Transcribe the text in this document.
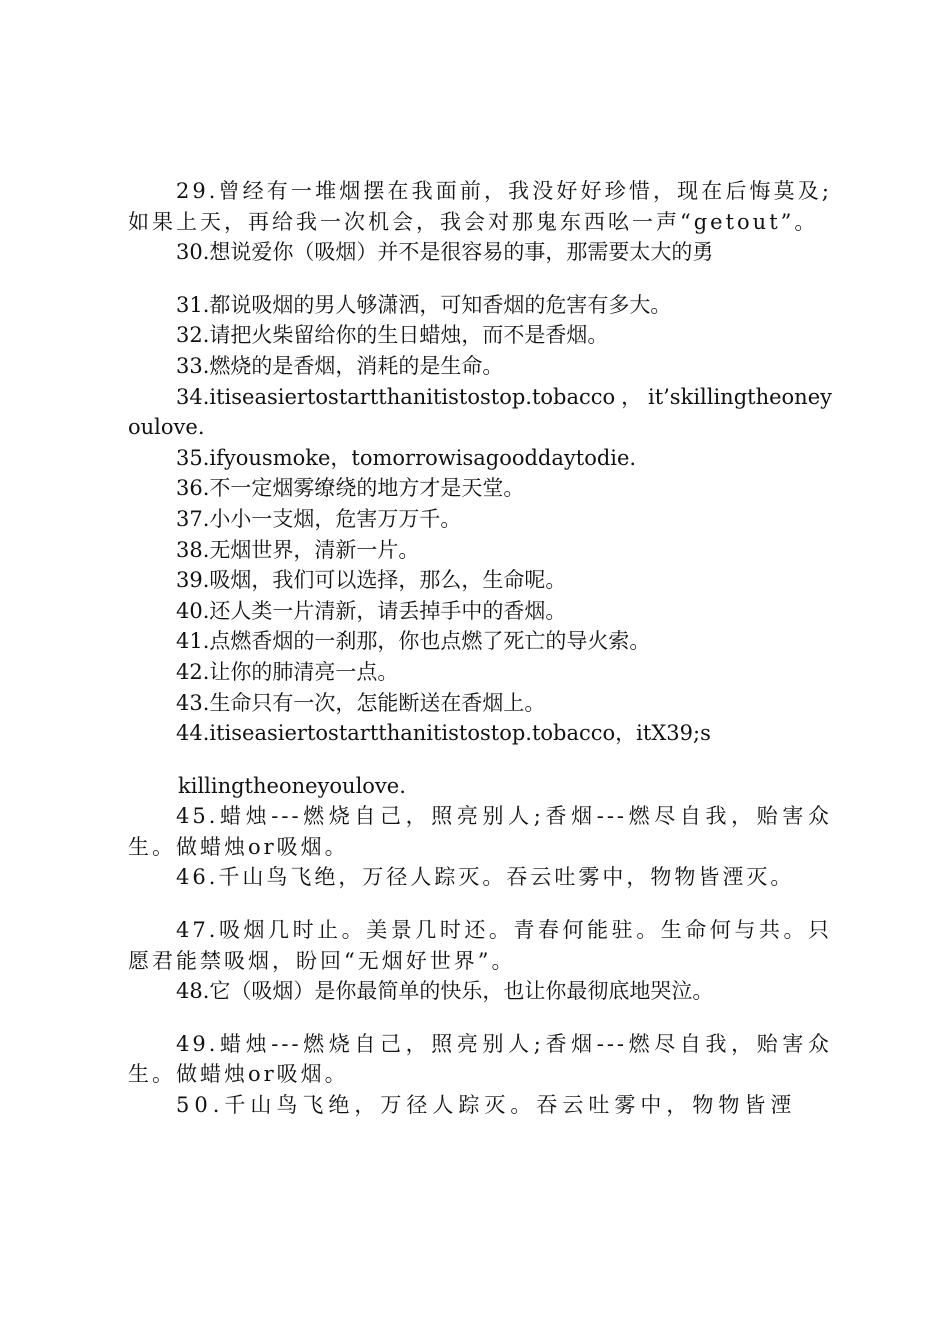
29.曾经有一堆烟摆在我面前，我没好好珍惜，现在后悔莫及;如果上天，再给我一次机会，我会对那鬼东西吆一声“getout”。

30.想说爱你（吸烟）并不是很容易的事，那需要太大的勇

31.都说吸烟的男人够潇洒，可知香烟的危害有多大。

32.请把火柴留给你的生日蜡烛，而不是香烟。

33.燃烧的是香烟，消耗的是生命。

34.itiseasiertostartthanitistostop.tobacco，it’skillingtheoneyoulove.

35.ifyousmoke，tomorrowisagooddaytodie.

36.不一定烟雾缭绕的地方才是天堂。

37.小小一支烟，危害万万千。

38.无烟世界，清新一片。

39.吸烟，我们可以选择，那么，生命呢。

40.还人类一片清新，请丢掉手中的香烟。

41.点燃香烟的一刹那，你也点燃了死亡的导火索。

42.让你的肺清亮一点。

43.生命只有一次，怎能断送在香烟上。

44.itiseasiertostartthanitistostop.tobacco，itX39;s

killingtheoneyoulove.

45.蜡烛---燃烧自己，照亮别人;香烟---燃尽自我，贻害众生。做蜡烛or吸烟。

46.千山鸟飞绝，万径人踪灭。吞云吐雾中，物物皆湮灭。

47.吸烟几时止。美景几时还。青春何能驻。生命何与共。只愿君能禁吸烟，盼回“无烟好世界”。

48.它（吸烟）是你最简单的快乐，也让你最彻底地哭泣。

49.蜡烛---燃烧自己，照亮别人;香烟---燃尽自我，贻害众生。做蜡烛or吸烟。

50.千山鸟飞绝，万径人踪灭。吞云吐雾中，物物皆湮
